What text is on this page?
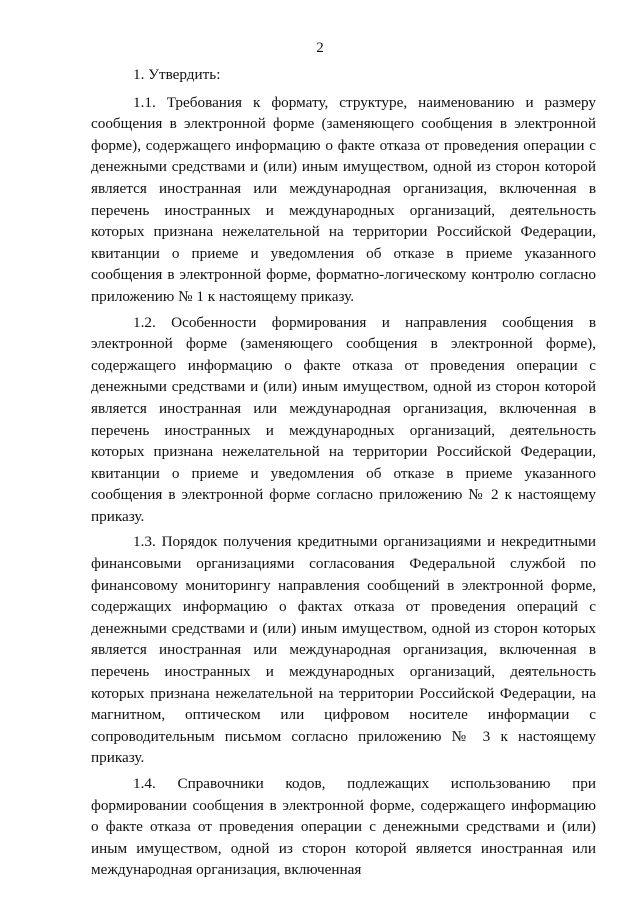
2

1. Утвердить:

1.1. Требования к формату, структуре, наименованию и размеру сообщения в электронной форме (заменяющего сообщения в электронной форме), содержащего информацию о факте отказа от проведения операции с денежными средствами и (или) иным имуществом, одной из сторон которой является иностранная или международная организация, включенная в перечень иностранных и международных организаций, деятельность которых признана нежелательной на территории Российской Федерации, квитанции о приеме и уведомления об отказе в приеме указанного сообщения в электронной форме, форматно-логическому контролю согласно приложению № 1 к настоящему приказу.

1.2. Особенности формирования и направления сообщения в электронной форме (заменяющего сообщения в электронной форме), содержащего информацию о факте отказа от проведения операции с денежными средствами и (или) иным имуществом, одной из сторон которой является иностранная или международная организация, включенная в перечень иностранных и международных организаций, деятельность которых признана нежелательной на территории Российской Федерации, квитанции о приеме и уведомления об отказе в приеме указанного сообщения в электронной форме согласно приложению № 2 к настоящему приказу.

1.3. Порядок получения кредитными организациями и некредитными финансовыми организациями согласования Федеральной службой по финансовому мониторингу направления сообщений в электронной форме, содержащих информацию о фактах отказа от проведения операций с денежными средствами и (или) иным имуществом, одной из сторон которых является иностранная или международная организация, включенная в перечень иностранных и международных организаций, деятельность которых признана нежелательной на территории Российской Федерации, на магнитном, оптическом или цифровом носителе информации с сопроводительным письмом согласно приложению № 3 к настоящему приказу.

1.4. Справочники кодов, подлежащих использованию при формировании сообщения в электронной форме, содержащего информацию о факте отказа от проведения операции с денежными средствами и (или) иным имуществом, одной из сторон которой является иностранная или международная организация, включенная
